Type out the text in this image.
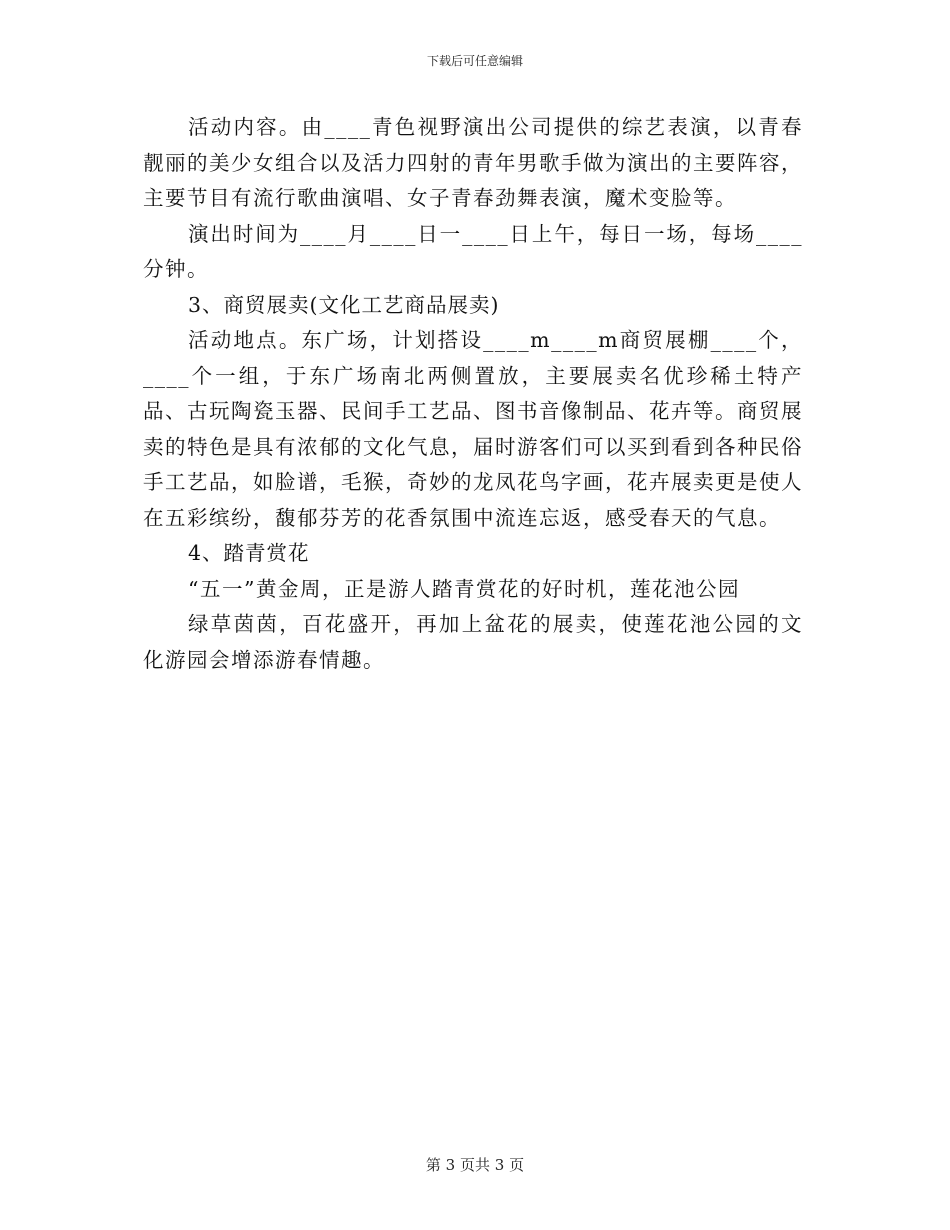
下载后可任意编辑

活动内容。由____青色视野演出公司提供的综艺表演，以青春靓丽的美少女组合以及活力四射的青年男歌手做为演出的主要阵容，主要节目有流行歌曲演唱、女子青春劲舞表演，魔术变脸等。

演出时间为____月____日一____日上午，每日一场，每场____分钟。

3、商贸展卖(文化工艺商品展卖)

活动地点。东广场，计划搭设____m____m商贸展棚____个，____个一组，于东广场南北两侧置放，主要展卖名优珍稀土特产品、古玩陶瓷玉器、民间手工艺品、图书音像制品、花卉等。商贸展卖的特色是具有浓郁的文化气息，届时游客们可以买到看到各种民俗手工艺品，如脸谱，毛猴，奇妙的龙凤花鸟字画，花卉展卖更是使人在五彩缤纷，馥郁芬芳的花香氛围中流连忘返，感受春天的气息。

4、踏青赏花

“五一”黄金周，正是游人踏青赏花的好时机，莲花池公园

绿草茵茵，百花盛开，再加上盆花的展卖，使莲花池公园的文化游园会增添游春情趣。

第 3 页共 3 页
